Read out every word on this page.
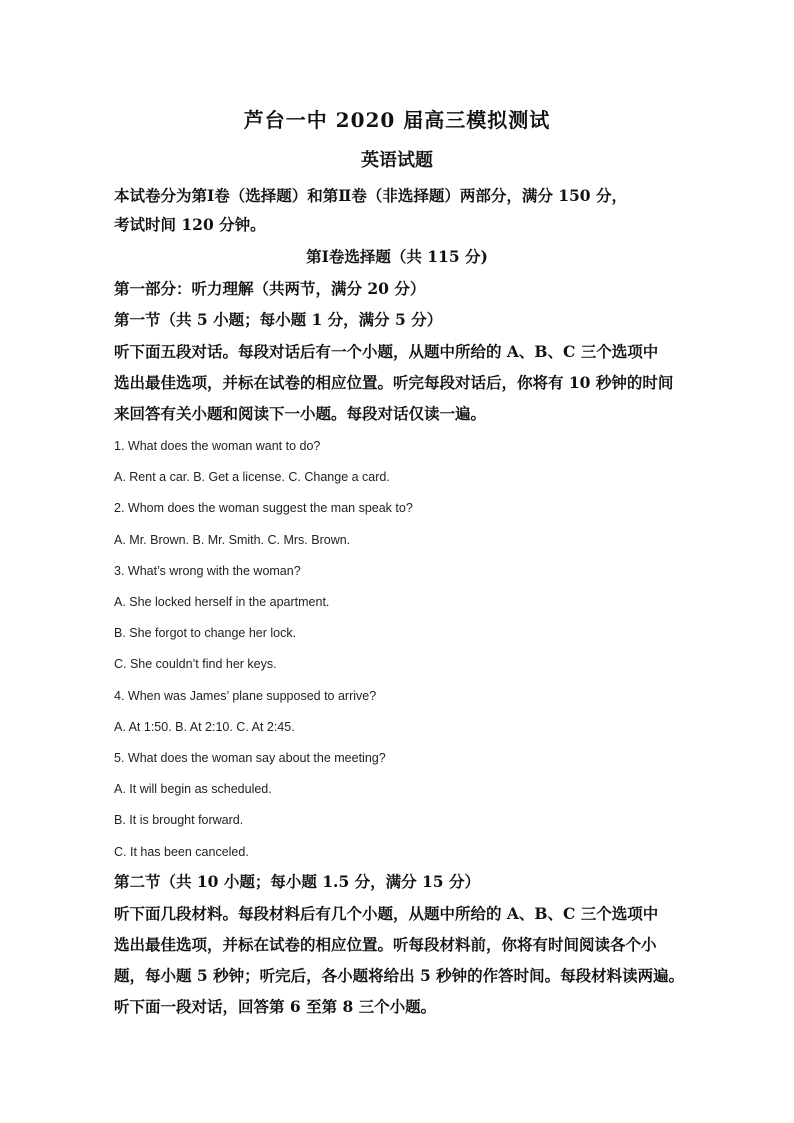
芦台一中 2020 届高三模拟测试
英语试题
本试卷分为第Ⅰ卷（选择题）和第Ⅱ卷（非选择题）两部分，满分 150 分，
考试时间 120 分钟。
第Ⅰ卷选择题（共 115 分)
第一部分：听力理解（共两节，满分 20 分）
第一节（共 5 小题；每小题 1 分，满分 5 分）
听下面五段对话。每段对话后有一个小题，从题中所给的 A、B、C 三个选项中
选出最佳选项，并标在试卷的相应位置。听完每段对话后，你将有 10 秒钟的时间
来回答有关小题和阅读下一小题。每段对话仅读一遍。
1. What does the woman want to do?
A. Rent a car. B. Get a license. C. Change a card.
2. Whom does the woman suggest the man speak to?
A. Mr. Brown. B. Mr. Smith. C. Mrs. Brown.
3. What’s wrong with the woman?
A. She locked herself in the apartment.
B. She forgot to change her lock.
C. She couldn’t find her keys.
4. When was James’ plane supposed to arrive?
A. At 1:50. B. At 2:10. C. At 2:45.
5. What does the woman say about the meeting?
A. It will begin as scheduled.
B. It is brought forward.
C. It has been canceled.
第二节（共 10 小题；每小题 1.5 分，满分 15 分）
听下面几段材料。每段材料后有几个小题，从题中所给的 A、B、C 三个选项中
选出最佳选项，并标在试卷的相应位置。听每段材料前，你将有时间阅读各个小
题，每小题 5 秒钟；听完后，各小题将给出 5 秒钟的作答时间。每段材料读两遍。
听下面一段对话，回答第 6 至第 8 三个小题。
